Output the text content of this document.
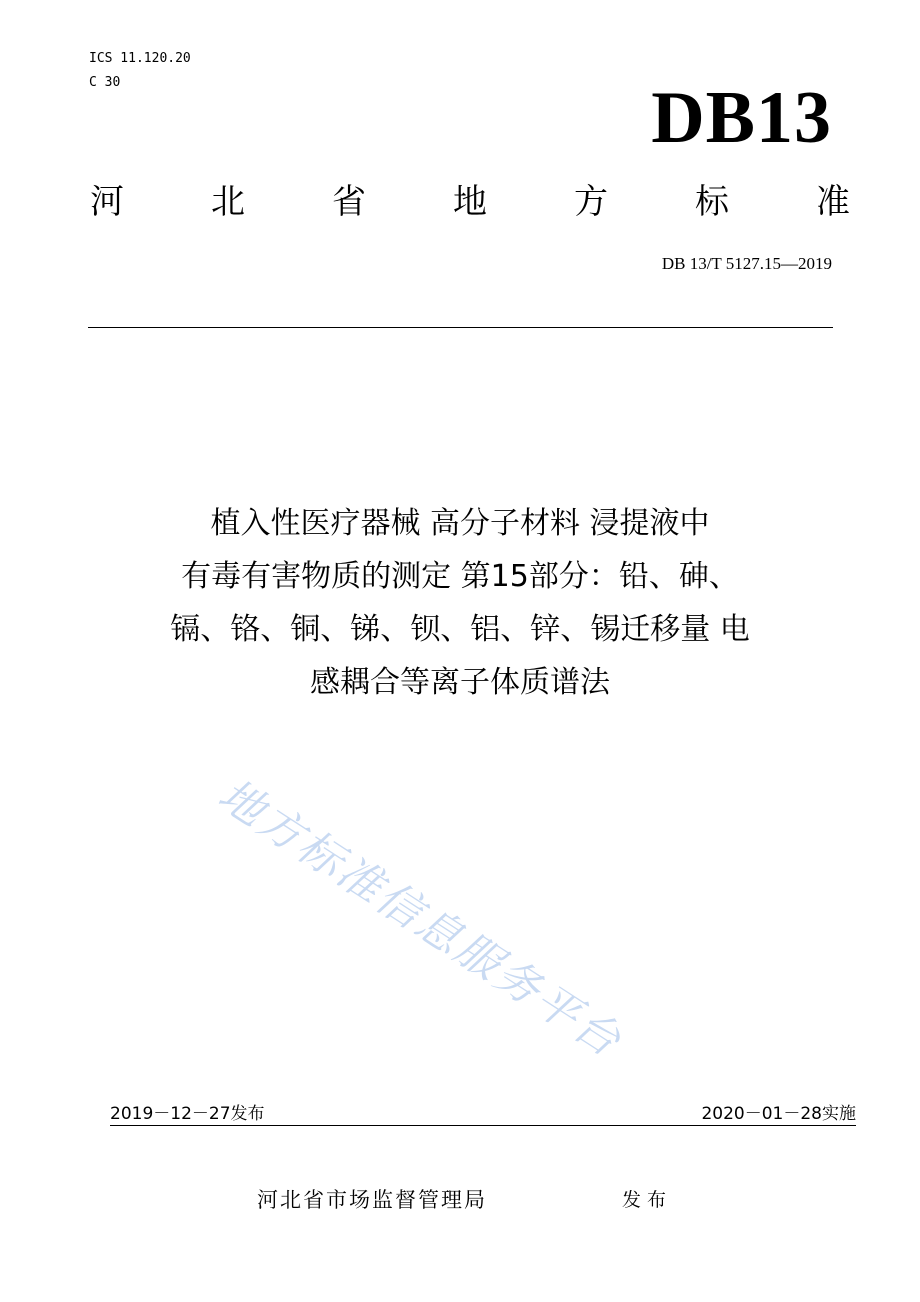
ICS 11.120.20
C 30	DB13
河	北	省	地	方	标	准
DB 13/T 5127.15—2019
植入性医疗器械 高分子材料 浸提液中
有毒有害物质的测定 第15部分：铅、砷、
镉、铬、铜、锑、钡、铝、锌、锡迁移量 电
感耦合等离子体质谱法
地方标准信息服务平台
2019－12－27发布	2020－01－28实施
河北省市场监督管理局	发布
